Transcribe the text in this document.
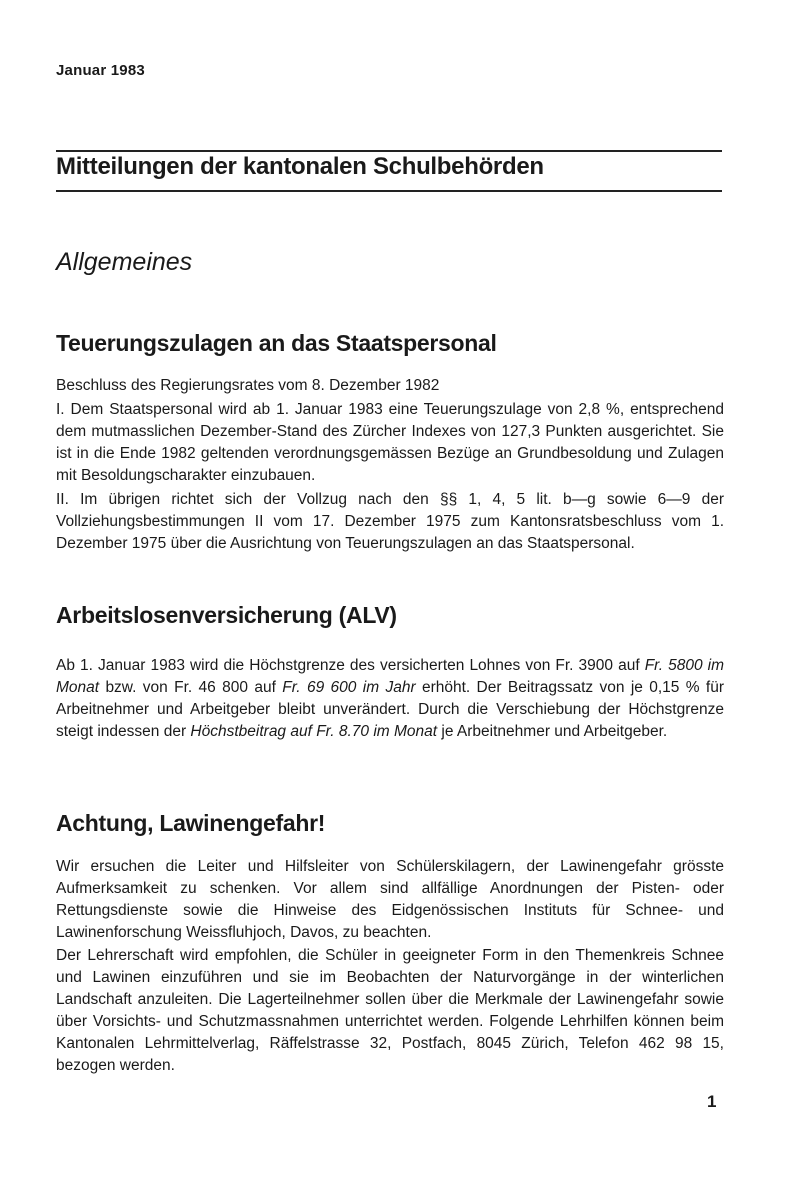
Januar 1983
Mitteilungen der kantonalen Schulbehörden
Allgemeines
Teuerungszulagen an das Staatspersonal

Beschluss des Regierungsrates vom 8. Dezember 1982

I. Dem Staatspersonal wird ab 1. Januar 1983 eine Teuerungszulage von 2,8 %, entsprechend dem mutmasslichen Dezember-Stand des Zürcher Indexes von 127,3 Punkten ausgerichtet. Sie ist in die Ende 1982 geltenden verordnungsgemässen Bezüge an Grundbesoldung und Zulagen mit Besoldungscharakter einzubauen.

II. Im übrigen richtet sich der Vollzug nach den §§ 1, 4, 5 lit. b—g sowie 6—9 der Vollziehungsbestimmungen II vom 17. Dezember 1975 zum Kantonsratsbeschluss vom 1. Dezember 1975 über die Ausrichtung von Teuerungszulagen an das Staatspersonal.

Arbeitslosenversicherung (ALV)

Ab 1. Januar 1983 wird die Höchstgrenze des versicherten Lohnes von Fr. 3900 auf Fr. 5800 im Monat bzw. von Fr. 46 800 auf Fr. 69 600 im Jahr erhöht. Der Beitragssatz von je 0,15 % für Arbeitnehmer und Arbeitgeber bleibt unverändert. Durch die Verschiebung der Höchstgrenze steigt indessen der Höchstbeitrag auf Fr. 8.70 im Monat je Arbeitnehmer und Arbeitgeber.

Achtung, Lawinengefahr!

Wir ersuchen die Leiter und Hilfsleiter von Schülerskilagern, der Lawinengefahr grösste Aufmerksamkeit zu schenken. Vor allem sind allfällige Anordnungen der Pisten- oder Rettungsdienste sowie die Hinweise des Eidgenössischen Instituts für Schnee- und Lawinenforschung Weissfluhjoch, Davos, zu beachten.

Der Lehrerschaft wird empfohlen, die Schüler in geeigneter Form in den Themenkreis Schnee und Lawinen einzuführen und sie im Beobachten der Naturvorgänge in der winterlichen Landschaft anzuleiten. Die Lagerteilnehmer sollen über die Merkmale der Lawinengefahr sowie über Vorsichts- und Schutzmassnahmen unterrichtet werden. Folgende Lehrhilfen können beim Kantonalen Lehrmittelverlag, Räffelstrasse 32, Postfach, 8045 Zürich, Telefon 462 98 15, bezogen werden.

1
